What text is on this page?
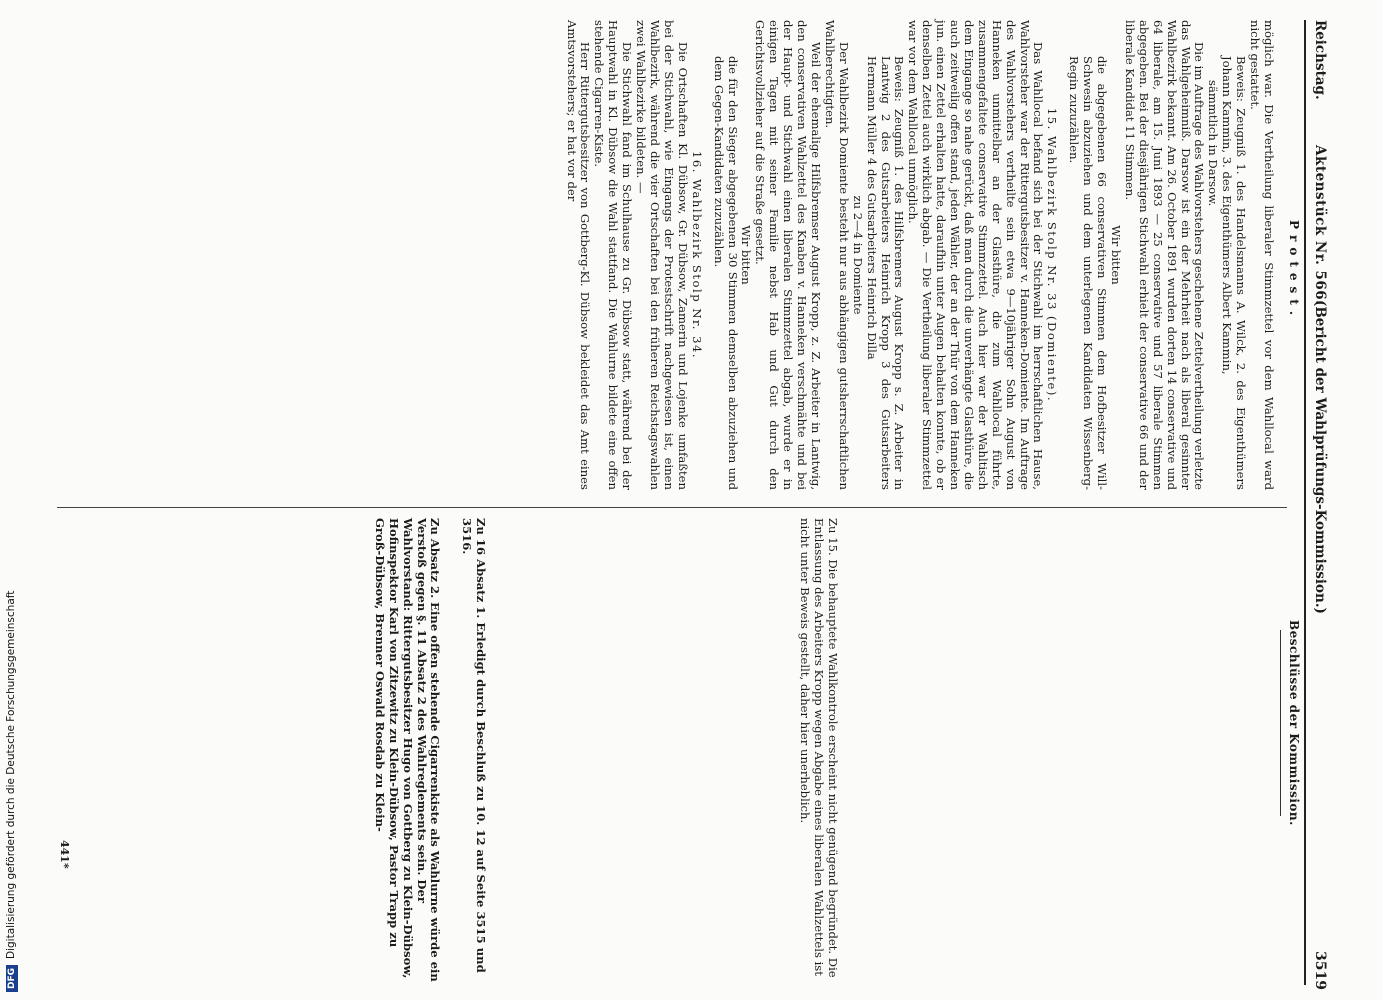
Reichstag.
Aktenstück Nr. 566.
(Bericht der Wahlprüfungs-Kommission.)
3519
Protest.
Beschlüsse der Kommission.

möglich war. Die Vertheilung liberaler Stimmzettel vor dem Wahllocal ward nicht gestattet.

Beweis: Zeugniß 1. des Handelsmanns A. Wilck, 2. des Eigenthümers Johann Kammin, 3. des Eigenthümers Albert Kammin,

sämmtlich in Darsow.

Die im Auftrage des Wahlvorstehers geschehene Zettelvertheilung verletzte das Wahlgeheimniß. Darsow ist ein der Mehrheit nach als liberal gesinnter Wahlbezirk bekannt. Am 26. October 1891 wurden dorten 14 conservative und 64 liberale, am 15. Juni 1893 — 25 conservative und 57 liberale Stimmen abgegeben. Bei der diesjährigen Stichwahl erhielt der conservative 66 und der liberale Kandidat 11 Stimmen.

Wir bitten

die abgegebenen 66 conservativen Stimmen dem Hofbesitzer Will-Schwesin abzuziehen und dem unterlegenen Kandidaten Wissenberg-Regin zuzuzählen.

15. Wahlbezirk Stolp Nr. 33 (Domiente).

Das Wahllocal befand sich bei der Stichwahl im herrschaftlichen Hause, Wahlvorsteher war der Rittergutsbesitzer v. Hanneken-Domiente. Im Auftrage des Wahlvorstehers vertheilte sein etwa 9—10jähriger Sohn August von Hanneken unmittelbar an der Glasthüre, die zum Wahllocal führte, zusammengefaltete conservative Stimmzettel. Auch hier war der Wahltisch dem Eingange so nahe gerückt, daß man durch die unverhängte Glasthüre, die auch zeitweilig offen stand, jeden Wähler, der an der Thür von dem Hanneken jun. einen Zettel erhalten hatte, daraufhin unter Augen behalten konnte, ob er denselben Zettel auch wirklich abgab. — Die Vertheilung liberaler Stimmzettel war vor dem Wahllocal unmöglich.

Beweis: Zeugniß 1. des Hilfsbremers August Kropp s. Z. Arbeiter in Lantwig 2 des Gutsarbeiters Heinrich Kropp 3 des Gutsarbeiters Hermann Müller 4 des Gutsarbeiters Heinrich Dilla

zu 2—4 in Domiente

Der Wahlbezirk Domiente besteht nur aus abhängigen gutsherrschaftlichen Wahlberechtigten.

Weil der ehemalige Hilfsbremser August Kropp, z. Z. Arbeiter in Lantwig, den conservativen Wahlzettel des Knaben v. Hanneken verschmähte und bei der Haupt- und Stichwahl einen liberalen Stimmzettel abgab, wurde er in einigen Tagen mit seiner Familie nebst Hab und Gut durch den Gerichtsvollzieher auf die Straße gesetzt.

Wir bitten

die für den Sieger abgegebenen 30 Stimmen demselben abzuziehen und dem Gegen-Kandidaten zuzuzählen.

16. Wahlbezirk Stolp Nr. 34.

Die Ortschaften Kl. Dübsow, Gr. Dübsow, Zamerin und Lojenke umfaßten bei der Stichwahl, wie Eingangs der Protestschrift nachgewiesen ist, einen Wahlbezirk, während die vier Ortschaften bei den früheren Reichstagswahlen zwei Wahlbezirke bildeten. —

Die Stichwahl fand im Schulhause zu Gr. Dübsow statt, während bei der Hauptwahl in Kl. Dübsow die Wahl stattfand. Die Wahlurne bildete eine offen stehende Cigarren-Kiste.

Herr Rittergutsbesitzer von Gottberg-Kl. Dübsow bekleidet das Amt eines Amtsvorstehers; er hat vor der

Zu 15. Die behauptete Wahlkontrole erscheint nicht genügend begründet. Die Entlassung des Arbeiters Kropp wegen Abgabe eines liberalen Wahlzettels ist nicht unter Beweis gestellt, daher hier unerheblich.

Zu 16 Absatz 1. Erledigt durch Beschluß zu 10. 12 auf Seite 3515 und 3516.

Zu Absatz 2. Eine offen stehende Cigarrenkiste als Wahlurne würde ein Verstoß gegen §. 11 Absatz 2 des Wahlreglements sein. Der Wahlvorstand: Rittergutsbesitzer Hugo von Gottberg zu Klein-Dübsow, Hofinspektor Karl von Zitzewitz zu Klein-Dübsow, Pastor Trapp zu Groß-Dübsow, Brenner Oswald Rosdab zu Klein-

441*
DFGDigitalisierung gefördert durch die Deutsche Forschungsgemeinschaft
